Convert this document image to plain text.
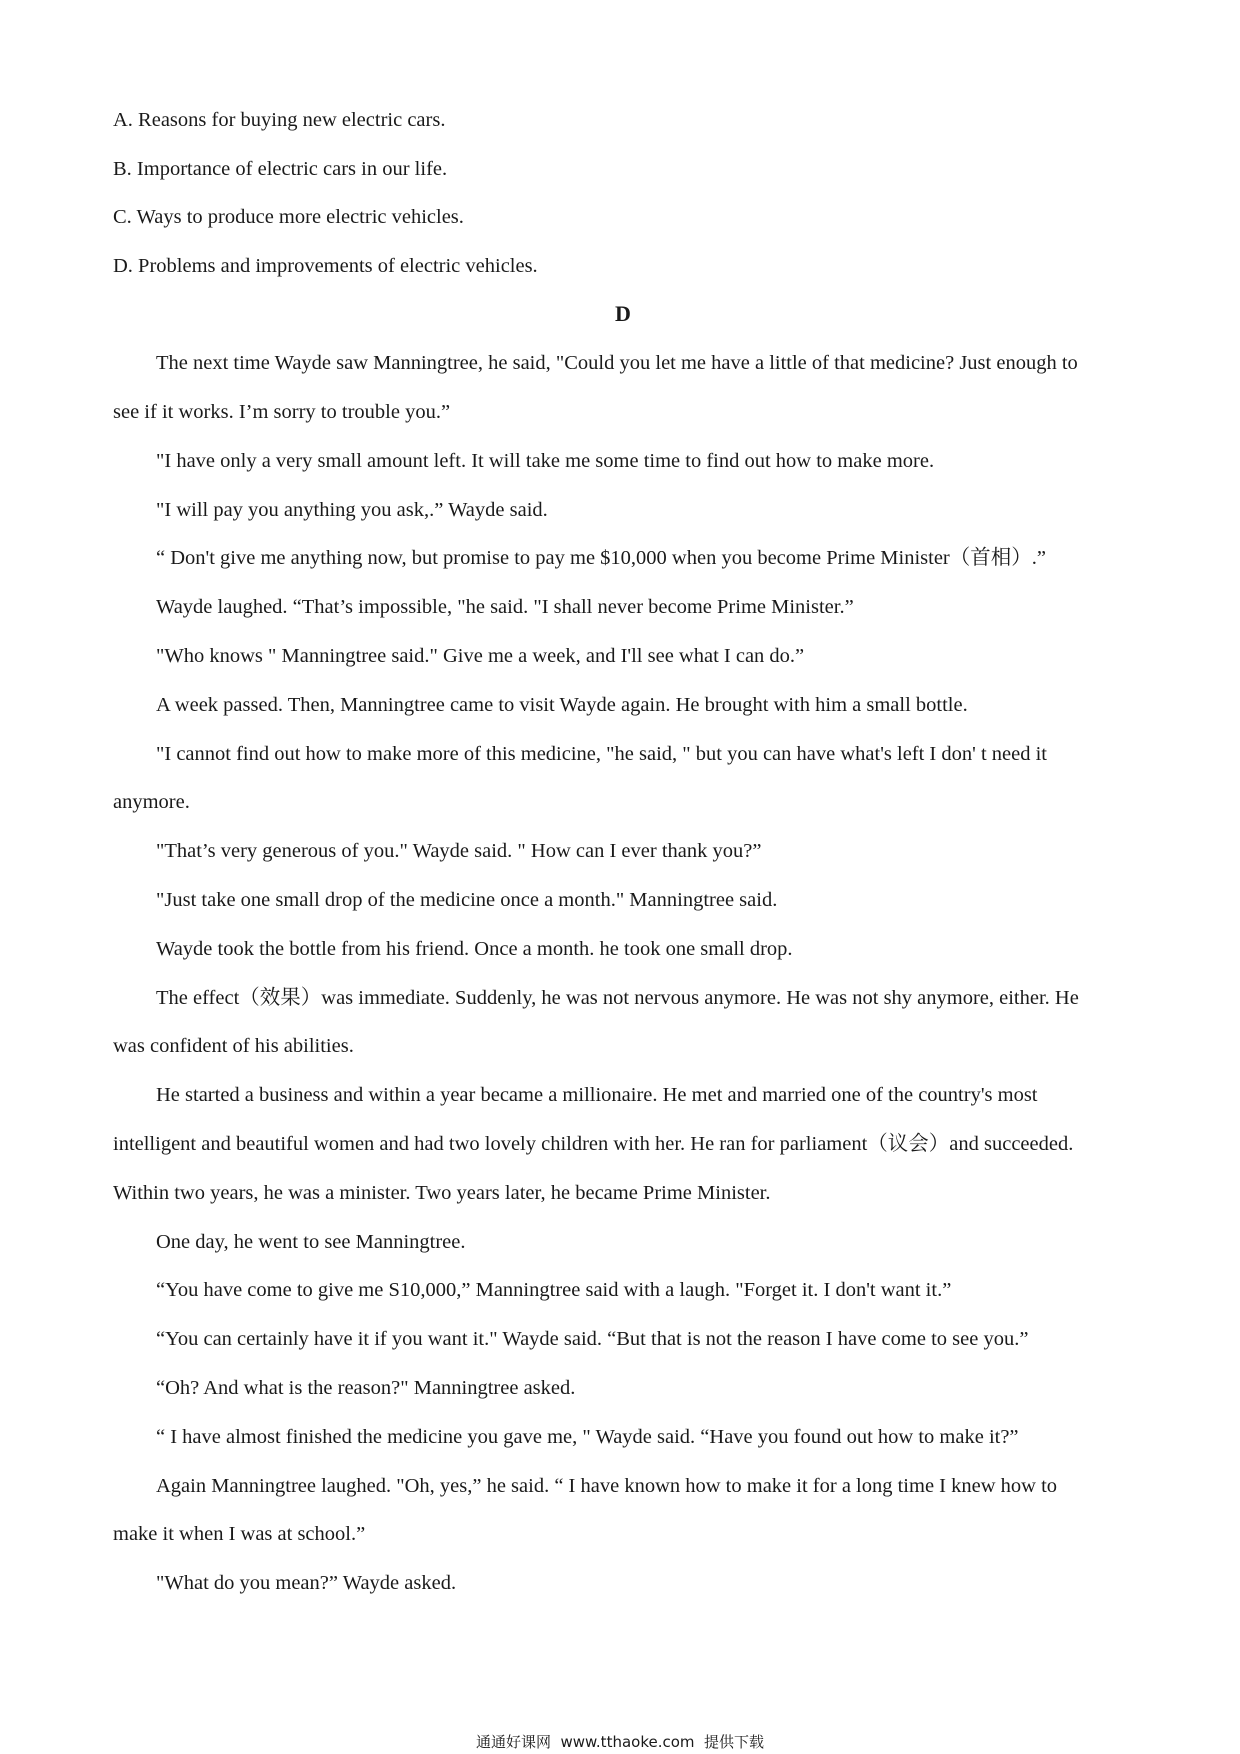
A. Reasons for buying new electric cars.

B. Importance of electric cars in our life.

C. Ways to produce more electric vehicles.

D. Problems and improvements of electric vehicles.

D

The next time Wayde saw Manningtree, he said, "Could you let me have a little of that medicine? Just enough to

see if it works. I’m sorry to trouble you.”

"I have only a very small amount left. It will take me some time to find out how to make more.

"I will pay you anything you ask,.” Wayde said.

“ Don't give me anything now, but promise to pay me $10,000 when you become Prime Minister（首相）.”

Wayde laughed. “That’s impossible, "he said. "I shall never become Prime Minister.”

"Who knows " Manningtree said." Give me a week, and I'll see what I can do.”

A week passed. Then, Manningtree came to visit Wayde again. He brought with him a small bottle.

"I cannot find out how to make more of this medicine, "he said, " but you can have what's left I don' t need it

anymore.

"That’s very generous of you." Wayde said. " How can I ever thank you?”

"Just take one small drop of the medicine once a month." Manningtree said.

Wayde took the bottle from his friend. Once a month. he took one small drop.

The effect（效果）was immediate. Suddenly, he was not nervous anymore. He was not shy anymore, either. He

was confident of his abilities.

He started a business and within a year became a millionaire. He met and married one of the country's most

intelligent and beautiful women and had two lovely children with her. He ran for parliament（议会）and succeeded.

Within two years, he was a minister. Two years later, he became Prime Minister.

One day, he went to see Manningtree.

“You have come to give me S10,000,” Manningtree said with a laugh. "Forget it. I don't want it.”

“You can certainly have it if you want it." Wayde said. “But that is not the reason I have come to see you.”

“Oh? And what is the reason?" Manningtree asked.

“ I have almost finished the medicine you gave me, " Wayde said. “Have you found out how to make it?”

Again Manningtree laughed. "Oh, yes,” he said. “ I have known how to make it for a long time I knew how to

make it when I was at school.”

"What do you mean?” Wayde asked.

通通好课网  www.tthaoke.com  提供下载
